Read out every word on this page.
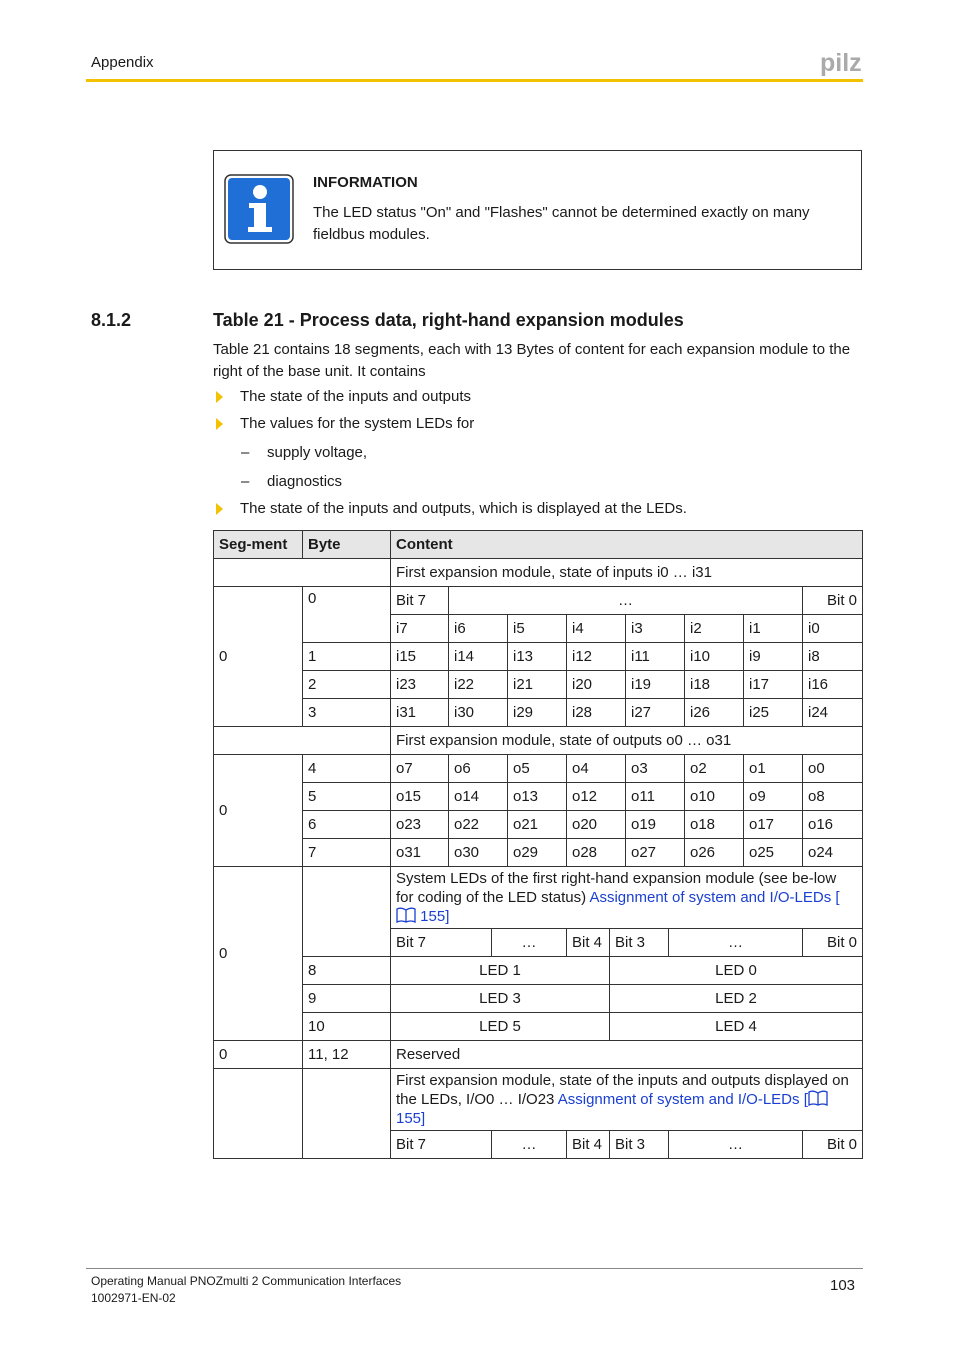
Appendix	pilz
INFORMATION
The LED status "On" and "Flashes" cannot be determined exactly on many fieldbus modules.
8.1.2	Table 21 - Process data, right-hand expansion modules
Table 21 contains 18 segments, each with 13 Bytes of content for each expansion module to the right of the base unit. It contains
The state of the inputs and outputs
The values for the system LEDs for
– supply voltage,
– diagnostics
The state of the inputs and outputs, which is displayed at the LEDs.
Seg-ment	Byte	Content										
		First expansion module, state of inputs i0 … i31										
0	0	Bit 7	…									Bit 0
		i7	i6		i5	i4		i3		i2	i1	i0
	1	i15	i14		i13	i12		i11		i10	i9	i8
	2	i23	i22		i21	i20		i19		i18	i17	i16
	3	i31	i30		i29	i28		i27		i26	i25	i24
		First expansion module, state of outputs o0 … o31										
0	4	o7	o6		o5	o4		o3		o2	o1	o0
	5	o15	o14		o13	o12		o11		o10	o9	o8
	6	o23	o22		o21	o20		o19		o18	o17	o16
	7	o31	o30		o29	o28		o27		o26	o25	o24
0		System LEDs of the first right-hand expansion module (see be-low for coding of the LED status) Assignment of system and I/O-LEDs [ 155]										
		Bit 7		…		Bit 4	Bit 3		…			Bit 0
	8	LED 1					LED 0					
	9	LED 3					LED 2					
	10	LED 5					LED 4					
0	11, 12	Reserved										
		First expansion module, state of the inputs and outputs displayed on the LEDs, I/O0 … I/O23 Assignment of system and I/O-LEDs [ 155]										
		Bit 7		…		Bit 4	Bit 3		…			Bit 0
Operating Manual PNOZmulti 2 Communication Interfaces
1002971-EN-02
103
